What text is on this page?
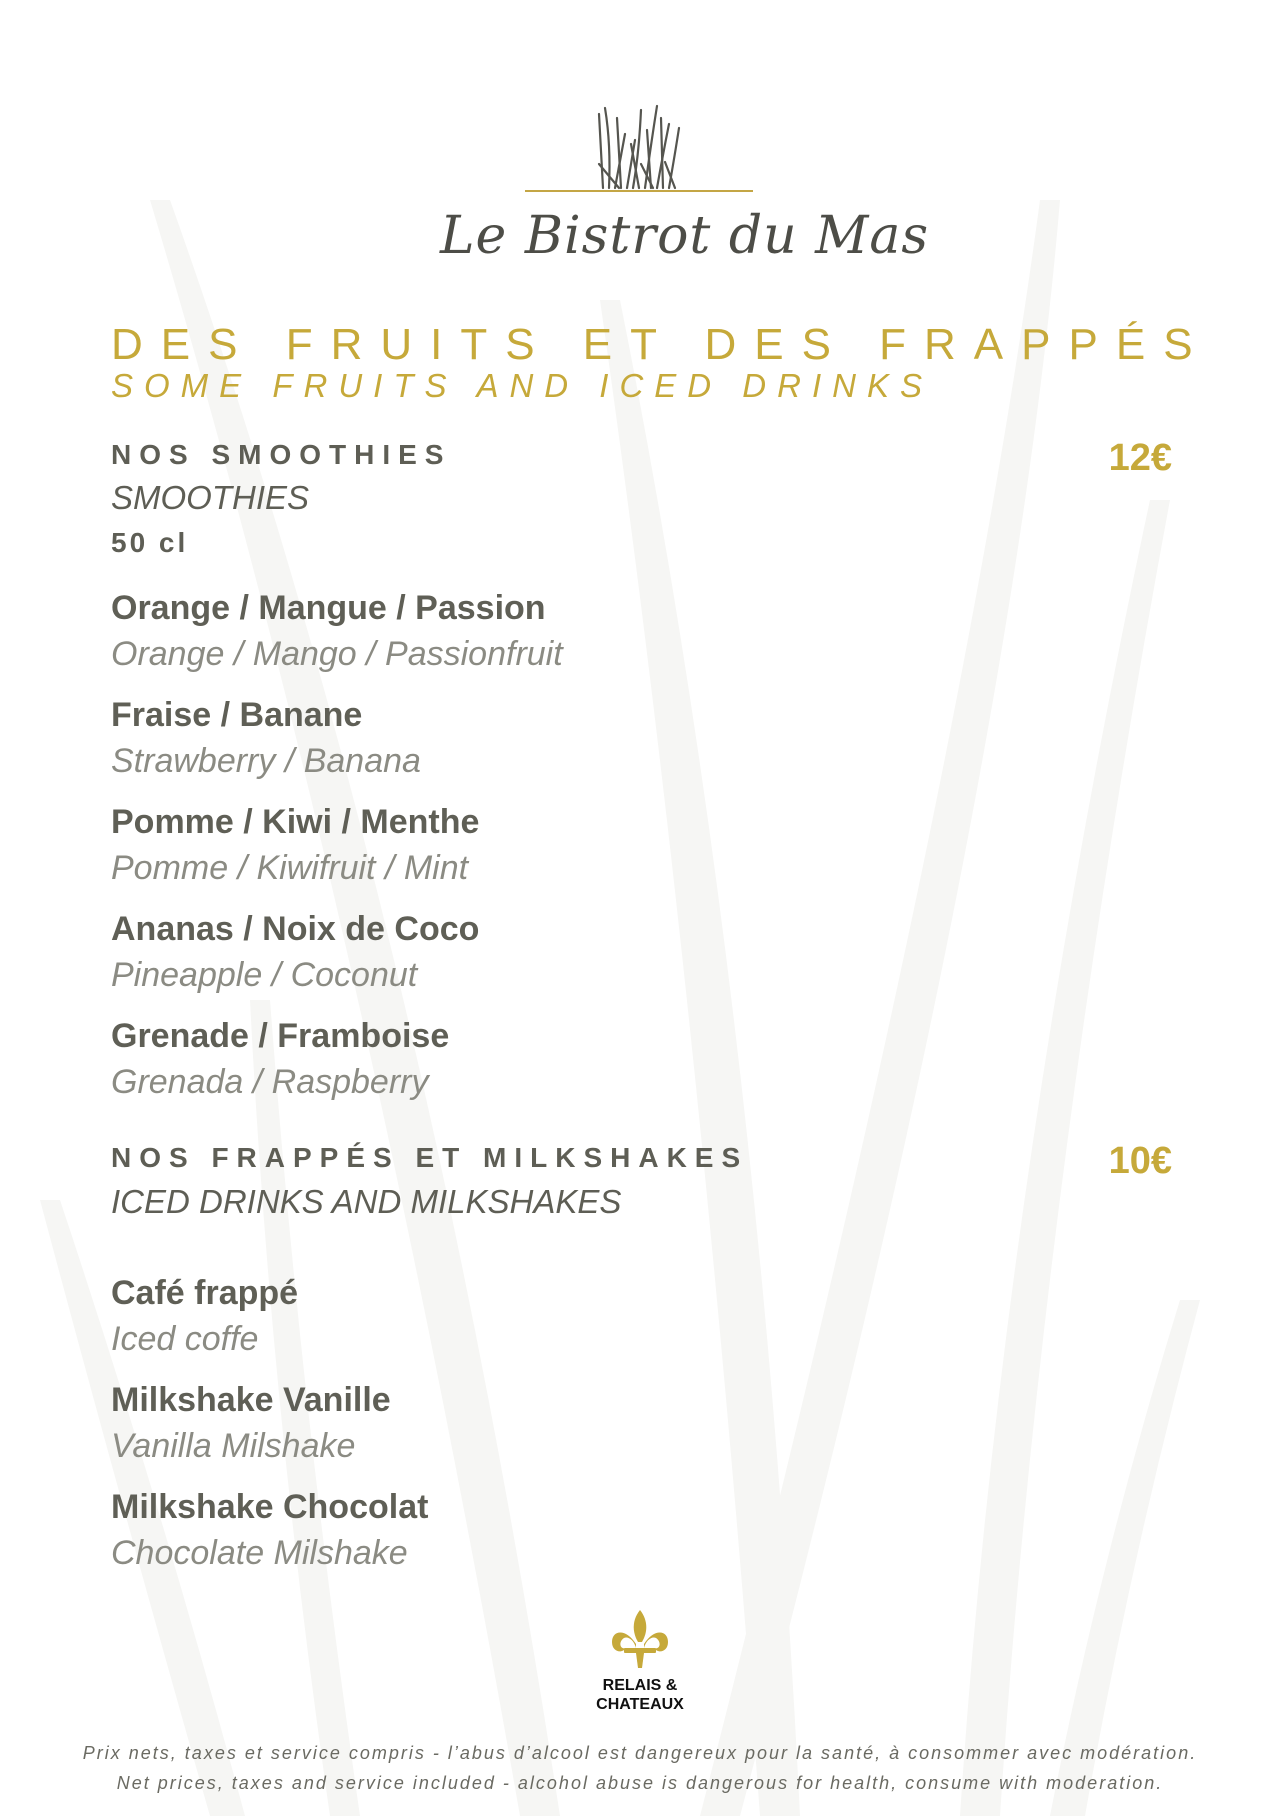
Le Bistrot du Mas
DES FRUITS ET DES FRAPPÉS
SOME FRUITS AND ICED DRINKS
NOS SMOOTHIES
SMOOTHIES
50 cl
12€
Orange / Mangue / Passion
Orange / Mango / Passionfruit
Fraise / Banane
Strawberry / Banana
Pomme / Kiwi / Menthe
Pomme / Kiwifruit / Mint
Ananas / Noix de Coco
Pineapple / Coconut
Grenade / Framboise
Grenada / Raspberry
NOS FRAPPÉS ET MILKSHAKES
ICED DRINKS AND MILKSHAKES
10€
Café frappé
Iced coffe
Milkshake Vanille
Vanilla Milshake
Milkshake Chocolat
Chocolate Milshake
RELAIS &
CHATEAUX
Prix nets, taxes et service compris - l’abus d’alcool est dangereux pour la santé, à consommer avec modération.
Net prices, taxes and service included - alcohol abuse is dangerous for health, consume with moderation.
